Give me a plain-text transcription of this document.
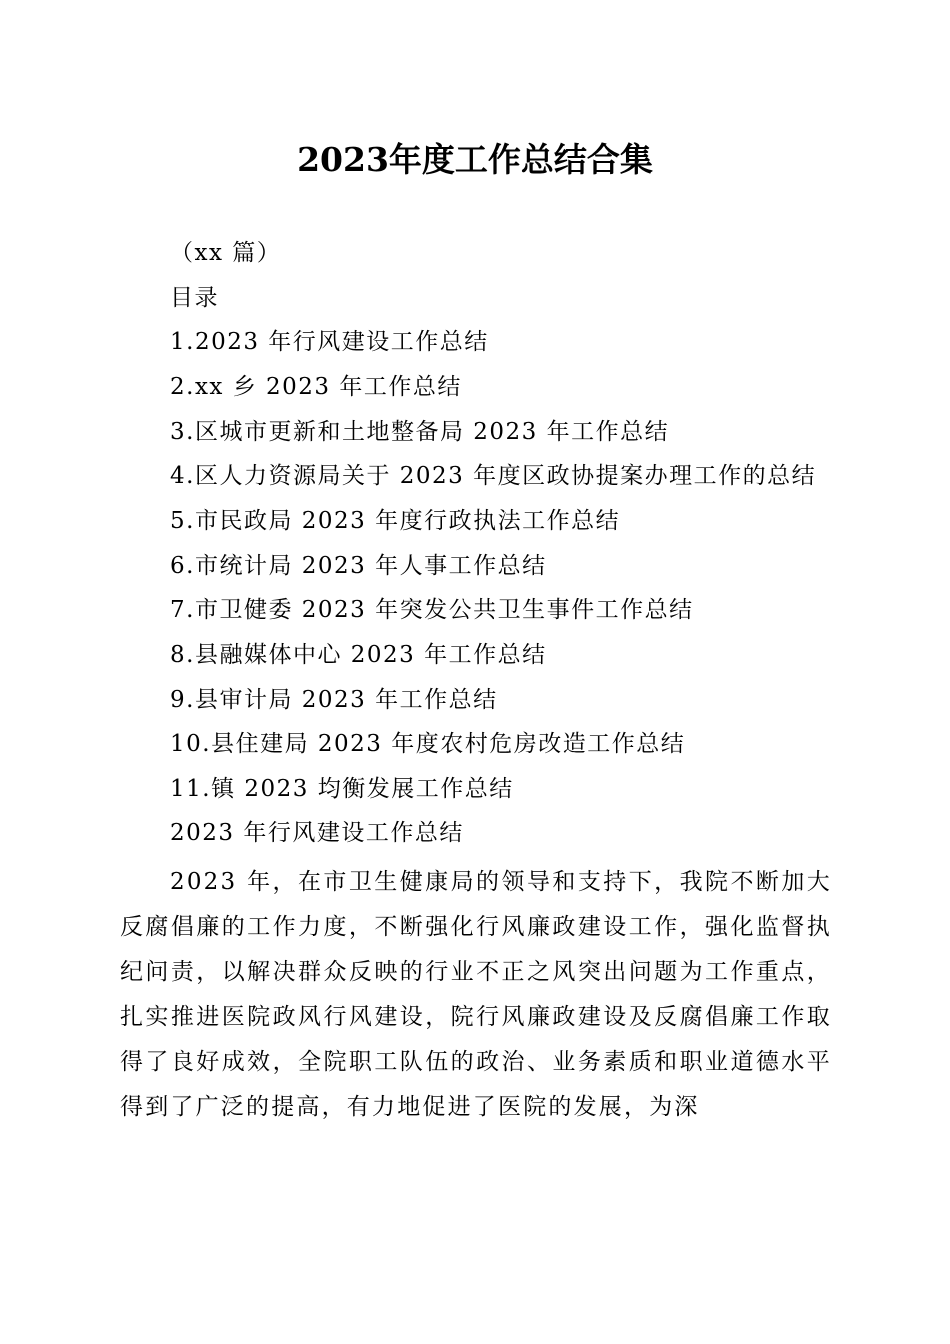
2023年度工作总结合集
（xx 篇）
目录
1.2023 年行风建设工作总结
2.xx 乡 2023 年工作总结
3.区城市更新和土地整备局 2023 年工作总结
4.区人力资源局关于 2023 年度区政协提案办理工作的总结
5.市民政局 2023 年度行政执法工作总结
6.市统计局 2023 年人事工作总结
7.市卫健委 2023 年突发公共卫生事件工作总结
8.县融媒体中心 2023 年工作总结
9.县审计局 2023 年工作总结
10.县住建局 2023 年度农村危房改造工作总结
11.镇 2023 均衡发展工作总结
2023 年行风建设工作总结

2023 年，在市卫生健康局的领导和支持下，我院不断加大反腐倡廉的工作力度，不断强化行风廉政建设工作，强化监督执纪问责，以解决群众反映的行业不正之风突出问题为工作重点，扎实推进医院政风行风建设，院行风廉政建设及反腐倡廉工作取得了良好成效，全院职工队伍的政治、业务素质和职业道德水平得到了广泛的提高，有力地促进了医院的发展，为深
